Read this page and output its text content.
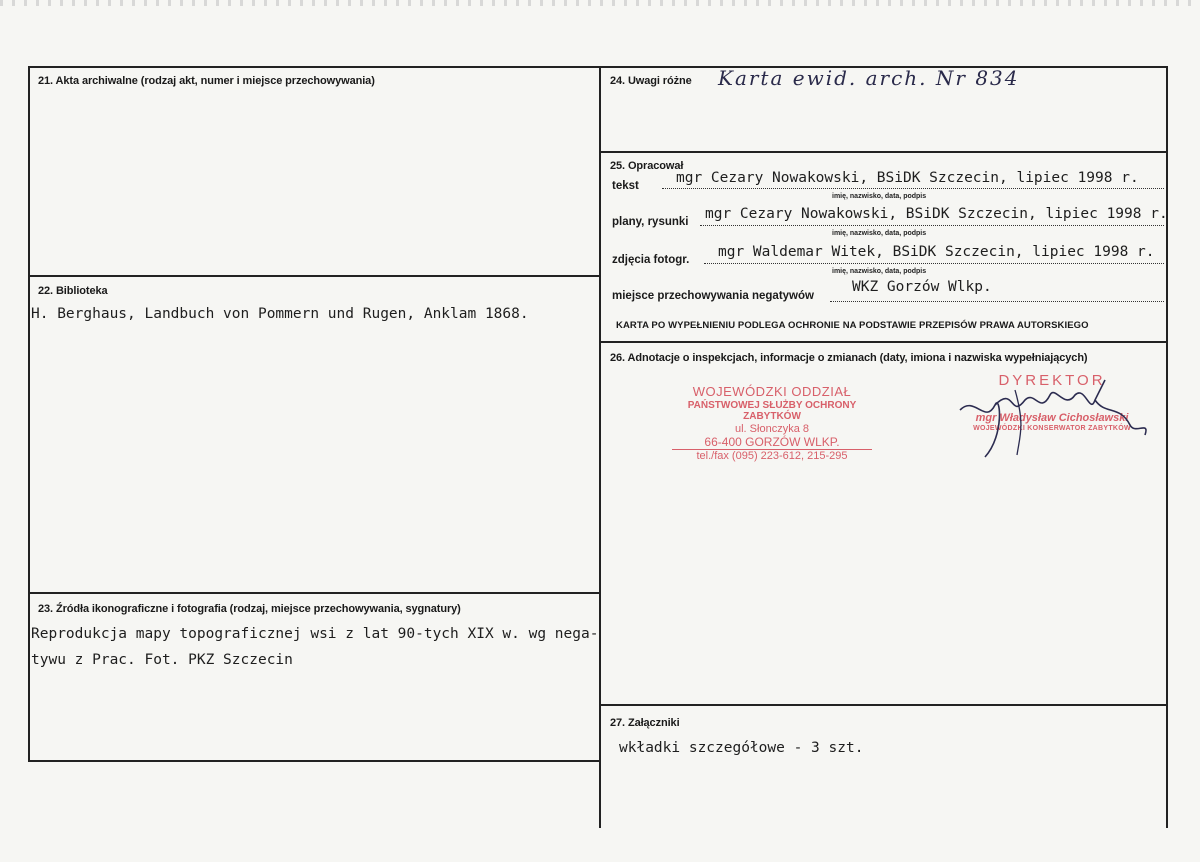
21. Akta archiwalne (rodzaj akt, numer i miejsce przechowywania)
22. Biblioteka
H. Berghaus, Landbuch von Pommern und Rugen, Anklam 1868.
23. Źródła ikonograficzne i fotografia (rodzaj, miejsce przechowywania, sygnatury)
Reprodukcja mapy topograficznej wsi z lat 90-tych XIX w. wg nega-
tywu z Prac. Fot. PKZ Szczecin
24. Uwagi różne Karta ewid. arch. Nr 834
25. Opracował
tekst	mgr Cezary Nowakowski, BSiDK Szczecin, lipiec 1998 r.
imię, nazwisko, data, podpis
plany, rysunki mgr Cezary Nowakowski, BSiDK Szczecin, lipiec 1998 r.
imię, nazwisko, data, podpis
zdjęcia fotogr. mgr Waldemar Witek, BSiDK Szczecin, lipiec 1998 r.
imię, nazwisko, data, podpis
miejsce przechowywania negatywów
WKZ Gorzów Wlkp.
KARTA PO WYPEŁNIENIU PODLEGA OCHRONIE NA PODSTAWIE PRZEPISÓW PRAWA AUTORSKIEGO
26. Adnotacje o inspekcjach, informacje o zmianach (daty, imiona i nazwiska wypełniających)
WOJEWÓDZKI ODDZIAŁ
PAŃSTWOWEJ SŁUŻBY OCHRONY ZABYTKÓW
ul. Słonczyka 8
66-400 GORZÓW WLKP.
tel./fax (095) 223-612, 215-295
DYREKTOR
mgr Władysław Cichosławski
WOJEWÓDZKI KONSERWATOR ZABYTKÓW
27. Załączniki
wkładki szczegółowe - 3 szt.
